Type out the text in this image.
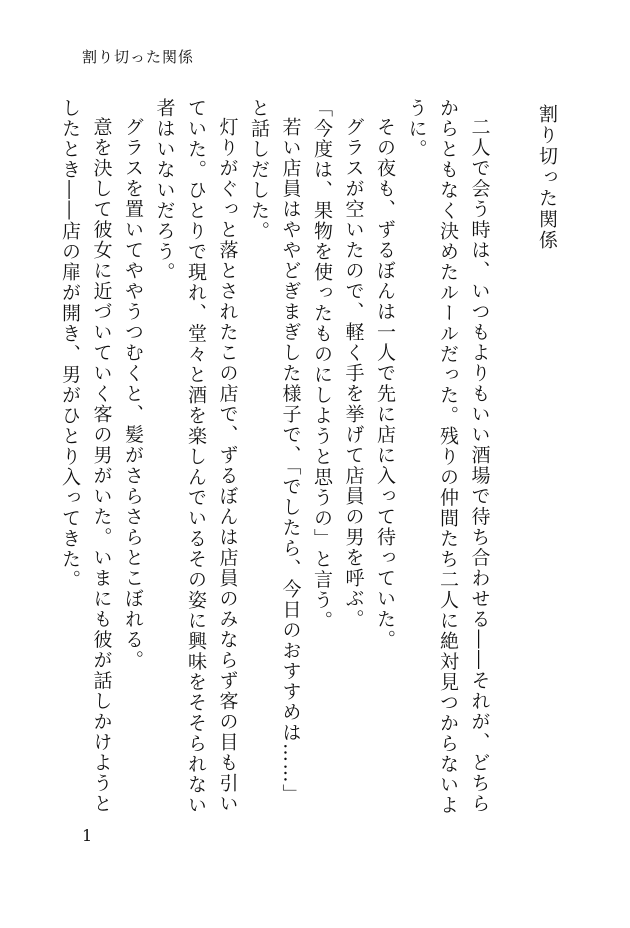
割り切った関係
割り切った関係

二人で会う時は、いつもよりもいい酒場で待ち合わせる――それが、どちらからともなく決めたルールだった。残りの仲間たち二人に絶対見つからないように。

その夜も、ずるぼんは一人で先に店に入って待っていた。

グラスが空いたので、軽く手を挙げて店員の男を呼ぶ。

「今度は、果物を使ったものにしようと思うの」と言う。

若い店員はややどぎまぎした様子で、「でしたら、今日のおすすめは……」と話しだした。

灯りがぐっと落とされたこの店で、ずるぼんは店員のみならず客の目も引いていた。ひとりで現れ、堂々と酒を楽しんでいるその姿に興味をそそられない者はいないだろう。

グラスを置いてややうつむくと、髪がさらさらとこぼれる。

意を決して彼女に近づいていく客の男がいた。いまにも彼が話しかけようとしたとき――店の扉が開き、男がひとり入ってきた。

1
